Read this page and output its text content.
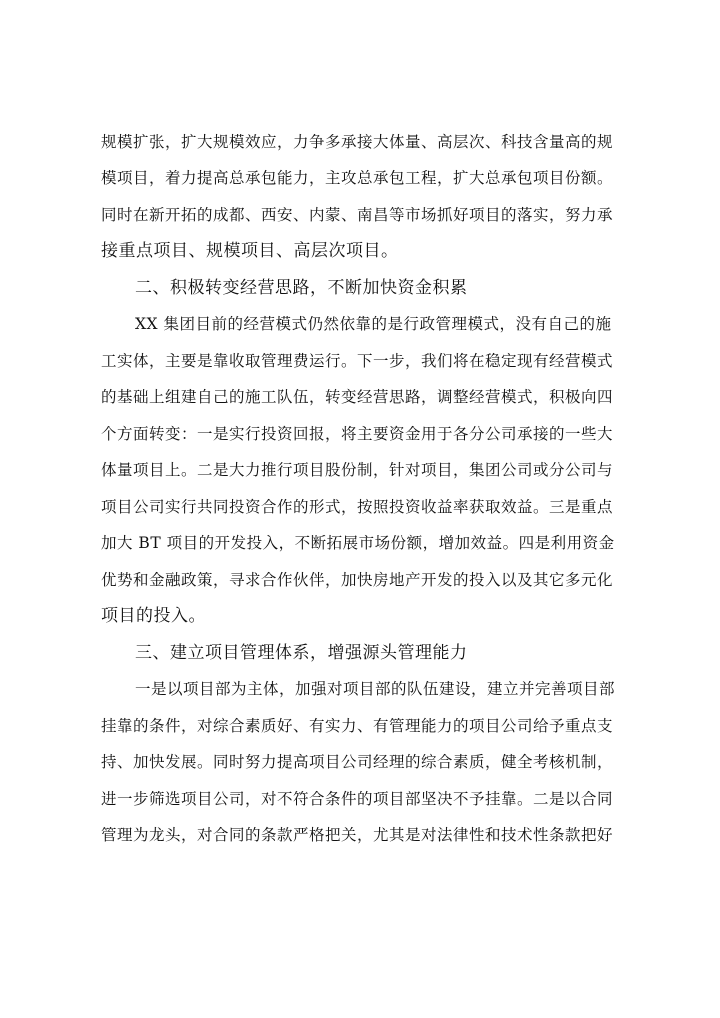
规模扩张，扩大规模效应，力争多承接大体量、高层次、科技含量高的规
模项目，着力提高总承包能力，主攻总承包工程，扩大总承包项目份额。
同时在新开拓的成都、西安、内蒙、南昌等市场抓好项目的落实，努力承
接重点项目、规模项目、高层次项目。
二、积极转变经营思路，不断加快资金积累
XX 集团目前的经营模式仍然依靠的是行政管理模式，没有自己的施
工实体，主要是靠收取管理费运行。下一步，我们将在稳定现有经营模式
的基础上组建自己的施工队伍，转变经营思路，调整经营模式，积极向四
个方面转变：一是实行投资回报，将主要资金用于各分公司承接的一些大
体量项目上。二是大力推行项目股份制，针对项目，集团公司或分公司与
项目公司实行共同投资合作的形式，按照投资收益率获取效益。三是重点
加大 BT 项目的开发投入，不断拓展市场份额，增加效益。四是利用资金
优势和金融政策，寻求合作伙伴，加快房地产开发的投入以及其它多元化
项目的投入。
三、建立项目管理体系，增强源头管理能力
一是以项目部为主体，加强对项目部的队伍建设，建立并完善项目部
挂靠的条件，对综合素质好、有实力、有管理能力的项目公司给予重点支
持、加快发展。同时努力提高项目公司经理的综合素质，健全考核机制，
进一步筛选项目公司，对不符合条件的项目部坚决不予挂靠。二是以合同
管理为龙头，对合同的条款严格把关，尤其是对法律性和技术性条款把好
